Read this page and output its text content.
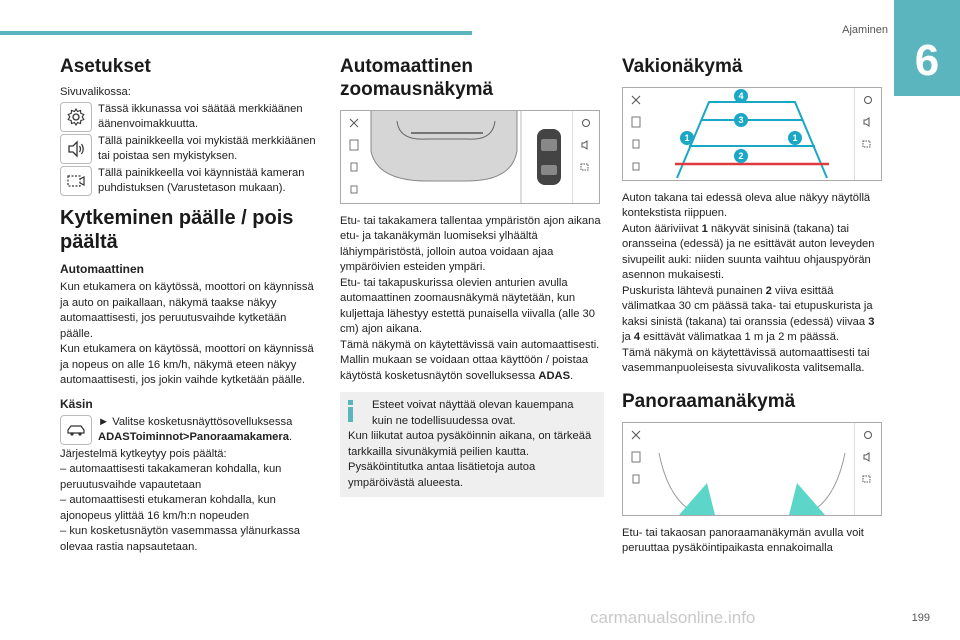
Ajaminen
6
199
carmanualsonline.info
Asetukset

Sivuvalikossa:

Tässä ikkunassa voi säätää merkkiäänen äänenvoimakkuutta.
Tällä painikkeella voi mykistää merkkiäänen tai poistaa sen mykistyksen.
Tällä painikkeella voi käynnistää kameran puhdistuksen (Varustetason mukaan).
Kytkeminen päälle / pois päältä
Automaattinen

Kun etukamera on käytössä, moottori on käynnissä ja auto on paikallaan, näkymä taakse näkyy automaattisesti, jos peruutusvaihde kytketään päälle.

Kun etukamera on käytössä, moottori on käynnissä ja nopeus on alle 16 km/h, näkymä eteen näkyy automaattisesti, jos jokin vaihde kytketään päälle.

Käsin
► Valitse kosketusnäyttösovelluksessa ADASToiminnot>Panoraamakamera.

Järjestelmä kytkeytyy pois päältä:

– automaattisesti takakameran kohdalla, kun peruutusvaihde vapautetaan

– automaattisesti etukameran kohdalla, kun ajonopeus ylittää 16 km/h:n nopeuden

– kun kosketusnäytön vasemmassa ylänurkassa olevaa rastia napsautetaan.

Automaattinen zoomausnäkymä

Etu- tai takakamera tallentaa ympäristön ajon aikana etu- ja takanäkymän luomiseksi ylhäältä lähiympäristöstä, jolloin autoa voidaan ajaa ympäröivien esteiden ympäri.

Etu- tai takapuskurissa olevien anturien avulla automaattinen zoomausnäkymä näytetään, kun kuljettaja lähestyy estettä punaisella viivalla (alle 30 cm) ajon aikana.

Tämä näkymä on käytettävissä vain automaattisesti.

Mallin mukaan se voidaan ottaa käyttöön / poistaa käytöstä kosketusnäytön sovelluksessa ADAS.

Esteet voivat näyttää olevan kauempana kuin ne todellisuudessa ovat.

Kun liikutat autoa pysäköinnin aikana, on tärkeää tarkkailla sivunäkymiä peilien kautta.

Pysäköintitutka antaa lisätietoja autoa ympäröivästä alueesta.

Vakionäkymä
4
3
1	1
2

Auton takana tai edessä oleva alue näkyy näytöllä kontekstista riippuen.

Auton ääriviivat 1 näkyvät sinisinä (takana) tai oransseina (edessä) ja ne esittävät auton leveyden sivupeilit auki: niiden suunta vaihtuu ohjauspyörän asennon mukaisesti.

Puskurista lähtevä punainen 2 viiva esittää välimatkaa 30 cm päässä taka- tai etupuskurista ja kaksi sinistä (takana) tai oranssia (edessä) viivaa 3 ja 4 esittävät välimatkaa 1 m ja 2 m päässä.

Tämä näkymä on käytettävissä automaattisesti tai vasemmanpuoleisesta sivuvalikosta valitsemalla.

Panoraamanäkymä

Etu- tai takaosan panoraamanäkymän avulla voit peruuttaa pysäköintipaikasta ennakoimalla
